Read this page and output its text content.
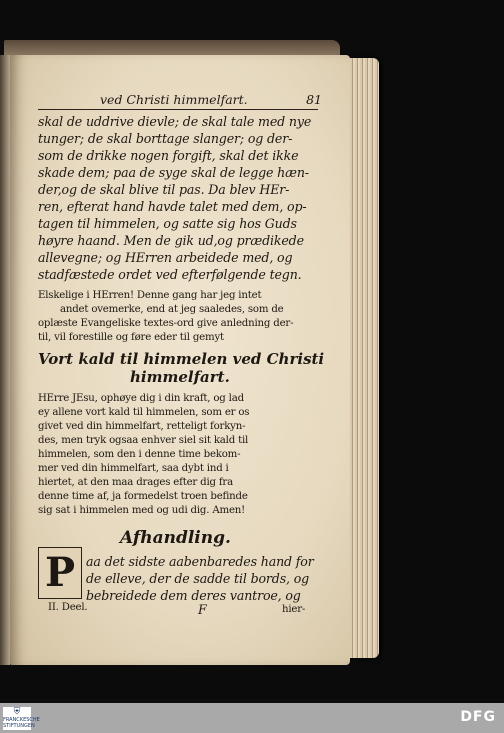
ved Christi himmelfart.	81
skal de uddrive dievle; de skal tale med nye
tunger; de skal borttage slanger; og der-
som de drikke nogen forgift, skal det ikke
skade dem; paa de syge skal de legge hæn-
der,og de skal blive til pas. Da blev HEr-
ren, efterat hand havde talet med dem, op-
tagen til himmelen, og satte sig hos Guds
høyre haand. Men de gik ud,og prædikede
allevegne; og HErren arbeidede med, og
stadfæstede ordet ved efterfølgende tegn.
Elskelige i HErren! Denne gang har jeg intet
andet ovemerke, end at jeg saaledes, som de
oplæste Evangeliske textes-ord give anledning der-
til, vil forestille og føre eder til gemyt
Vort kald til himmelen ved Christi
himmelfart.
HErre JEsu, ophøye dig i din kraft, og lad
ey allene vort kald til himmelen, som er os
givet ved din himmelfart, retteligt forkyn-
des, men tryk ogsaa enhver siel sit kald til
himmelen, som den i denne time bekom-
mer ved din himmelfart, saa dybt ind i
hiertet, at den maa drages efter dig fra
denne time af, ja formedelst troen befinde
sig sat i himmelen med og udi dig. Amen!
Afhandling.
P aa det sidste aabenbaredes hand for
de elleve, der de sadde til bords, og
bebreidede dem deres vantroe, og
II. Deel.	F	hier-
⛨
FRANCKESCHE STIFTUNGEN
DFG
